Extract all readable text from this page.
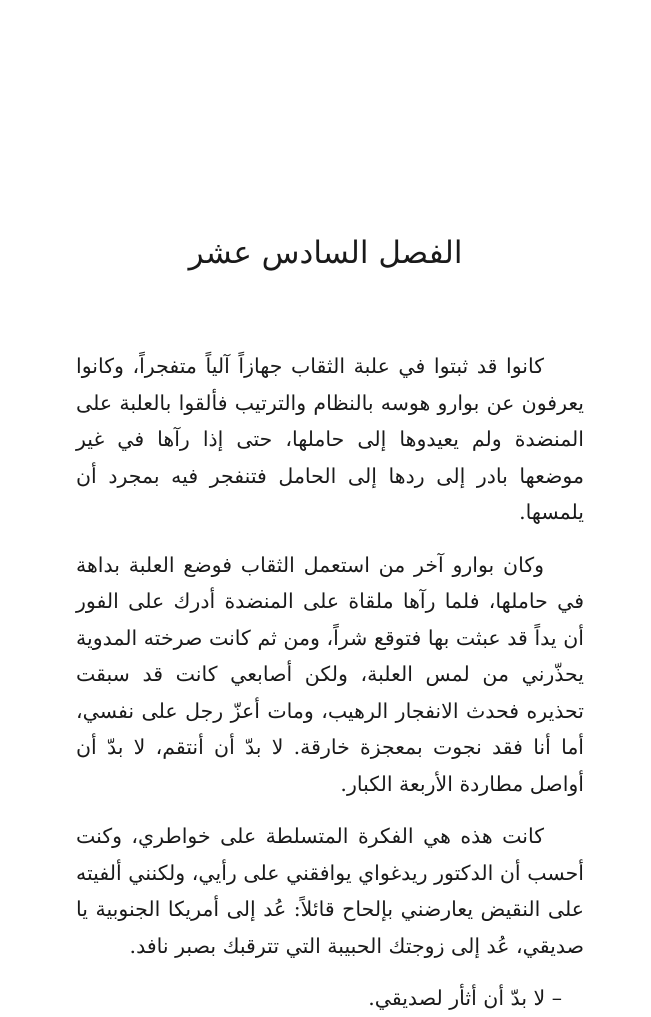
الفصل السادس عشر

كانوا قد ثبتوا في علبة الثقاب جهازاً آلياً متفجراً، وكانوا يعرفون عن بوارو هوسه بالنظام والترتيب فألقوا بالعلبة على المنضدة ولم يعيدوها إلى حاملها، حتى إذا رآها في غير موضعها بادر إلى ردها إلى الحامل فتنفجر فيه بمجرد أن يلمسها.

وكان بوارو آخر من استعمل الثقاب فوضع العلبة بداهة في حاملها، فلما رآها ملقاة على المنضدة أدرك على الفور أن يداً قد عبثت بها فتوقع شراً، ومن ثم كانت صرخته المدوية يحذّرني من لمس العلبة، ولكن أصابعي كانت قد سبقت تحذيره فحدث الانفجار الرهيب، ومات أعزّ رجل على نفسي، أما أنا فقد نجوت بمعجزة خارقة. لا بدّ أن أنتقم، لا بدّ أن أواصل مطاردة الأربعة الكبار.

كانت هذه هي الفكرة المتسلطة على خواطري، وكنت أحسب أن الدكتور ريدغواي يوافقني على رأيي، ولكنني ألفيته على النقيض يعارضني بإلحاح قائلاً: عُد إلى أمريكا الجنوبية يا صديقي، عُد إلى زوجتك الحبيبة التي تترقبك بصبر نافد.

– لا بدّ أن أثأر لصديقي.
